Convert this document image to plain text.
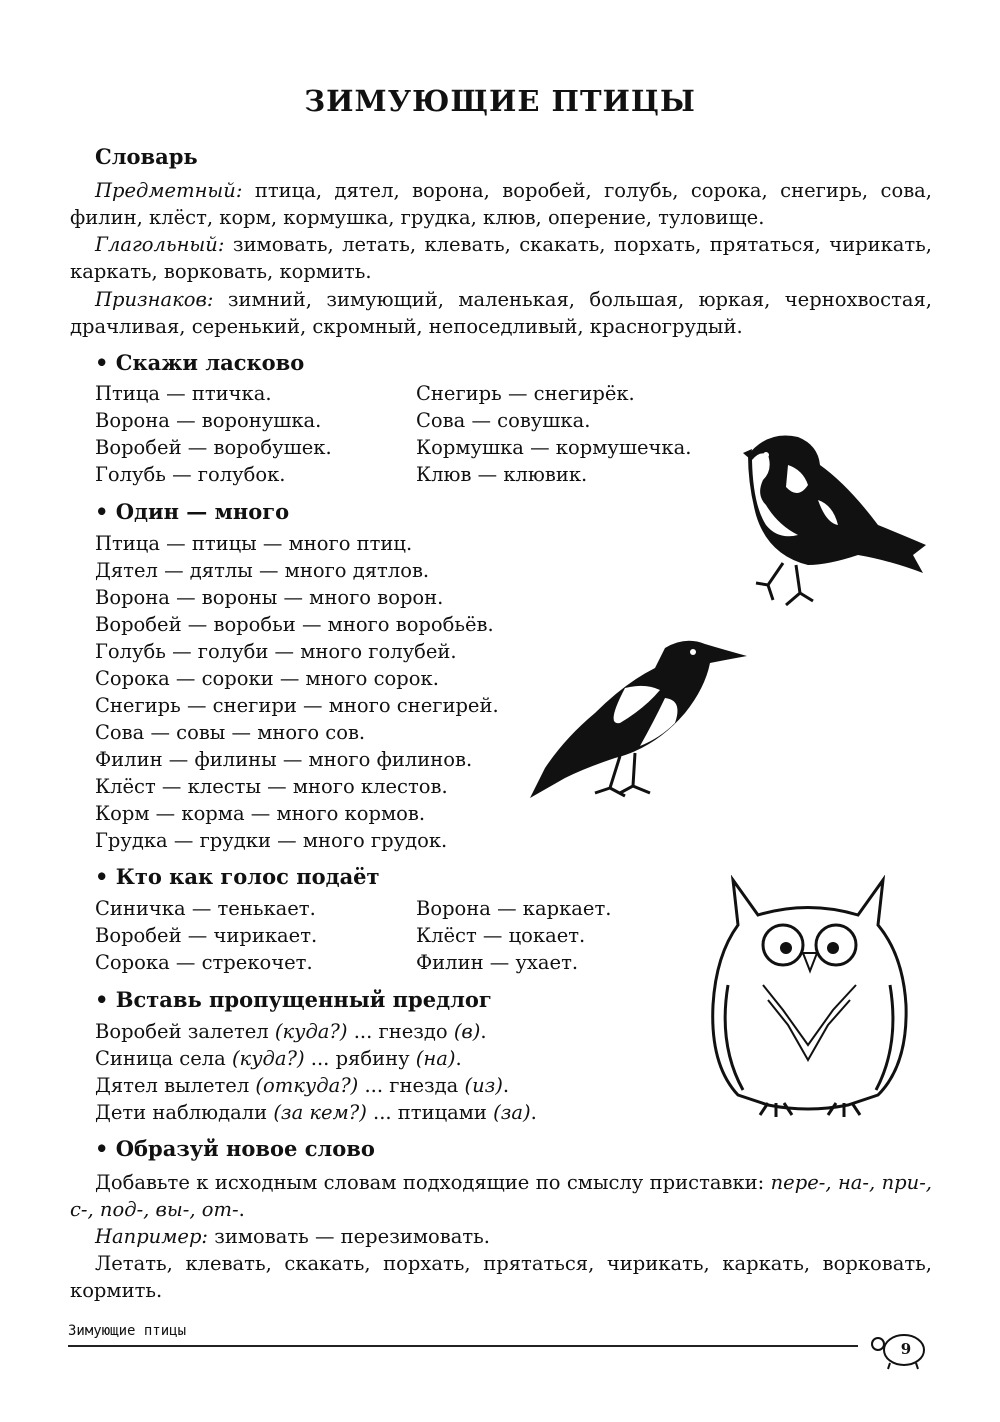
ЗИМУЮЩИЕ ПТИЦЫ
Словарь
Предметный: птица, дятел, ворона, воробей, голубь, сорока, снегирь, сова, филин, клёст, корм, кормушка, грудка, клюв, оперение, туловище.
Глагольный: зимовать, летать, клевать, скакать, порхать, прятаться, чирикать, каркать, ворковать, кормить.
Признаков: зимний, зимующий, маленькая, большая, юркая, чернохвостая, драчливая, серенький, скромный, непоседливый, красногрудый.
• Скажи ласково
Птица — птичка.
Ворона — воронушка.
Воробей — воробушек.
Голубь — голубок.
Снегирь — снегирёк.
Сова — совушка.
Кормушка — кормушечка.
Клюв — клювик.
• Один — много
Птица — птицы — много птиц.
Дятел — дятлы — много дятлов.
Ворона — вороны — много ворон.
Воробей — воробьи — много воробьёв.
Голубь — голуби — много голубей.
Сорока — сороки — много сорок.
Снегирь — снегири — много снегирей.
Сова — совы — много сов.
Филин — филины — много филинов.
Клёст — клесты — много клестов.
Корм — корма — много кормов.
Грудка — грудки — много грудок.
• Кто как голос подаёт
Синичка — тенькает.
Воробей — чирикает.
Сорока — стрекочет.
Ворона — каркает.
Клёст — цокает.
Филин — ухает.
• Вставь пропущенный предлог
Воробей залетел (куда?) ... гнездо (в).
Синица села (куда?) ... рябину (на).
Дятел вылетел (откуда?) ... гнезда (из).
Дети наблюдали (за кем?) ... птицами (за).
• Образуй новое слово
Добавьте к исходным словам подходящие по смыслу приставки: пере-, на-, при-, с-, под-, вы-, от-.
Например: зимовать — перезимовать.
Летать, клевать, скакать, порхать, прятаться, чирикать, каркать, ворковать, кормить.
Зимующие птицы
9
